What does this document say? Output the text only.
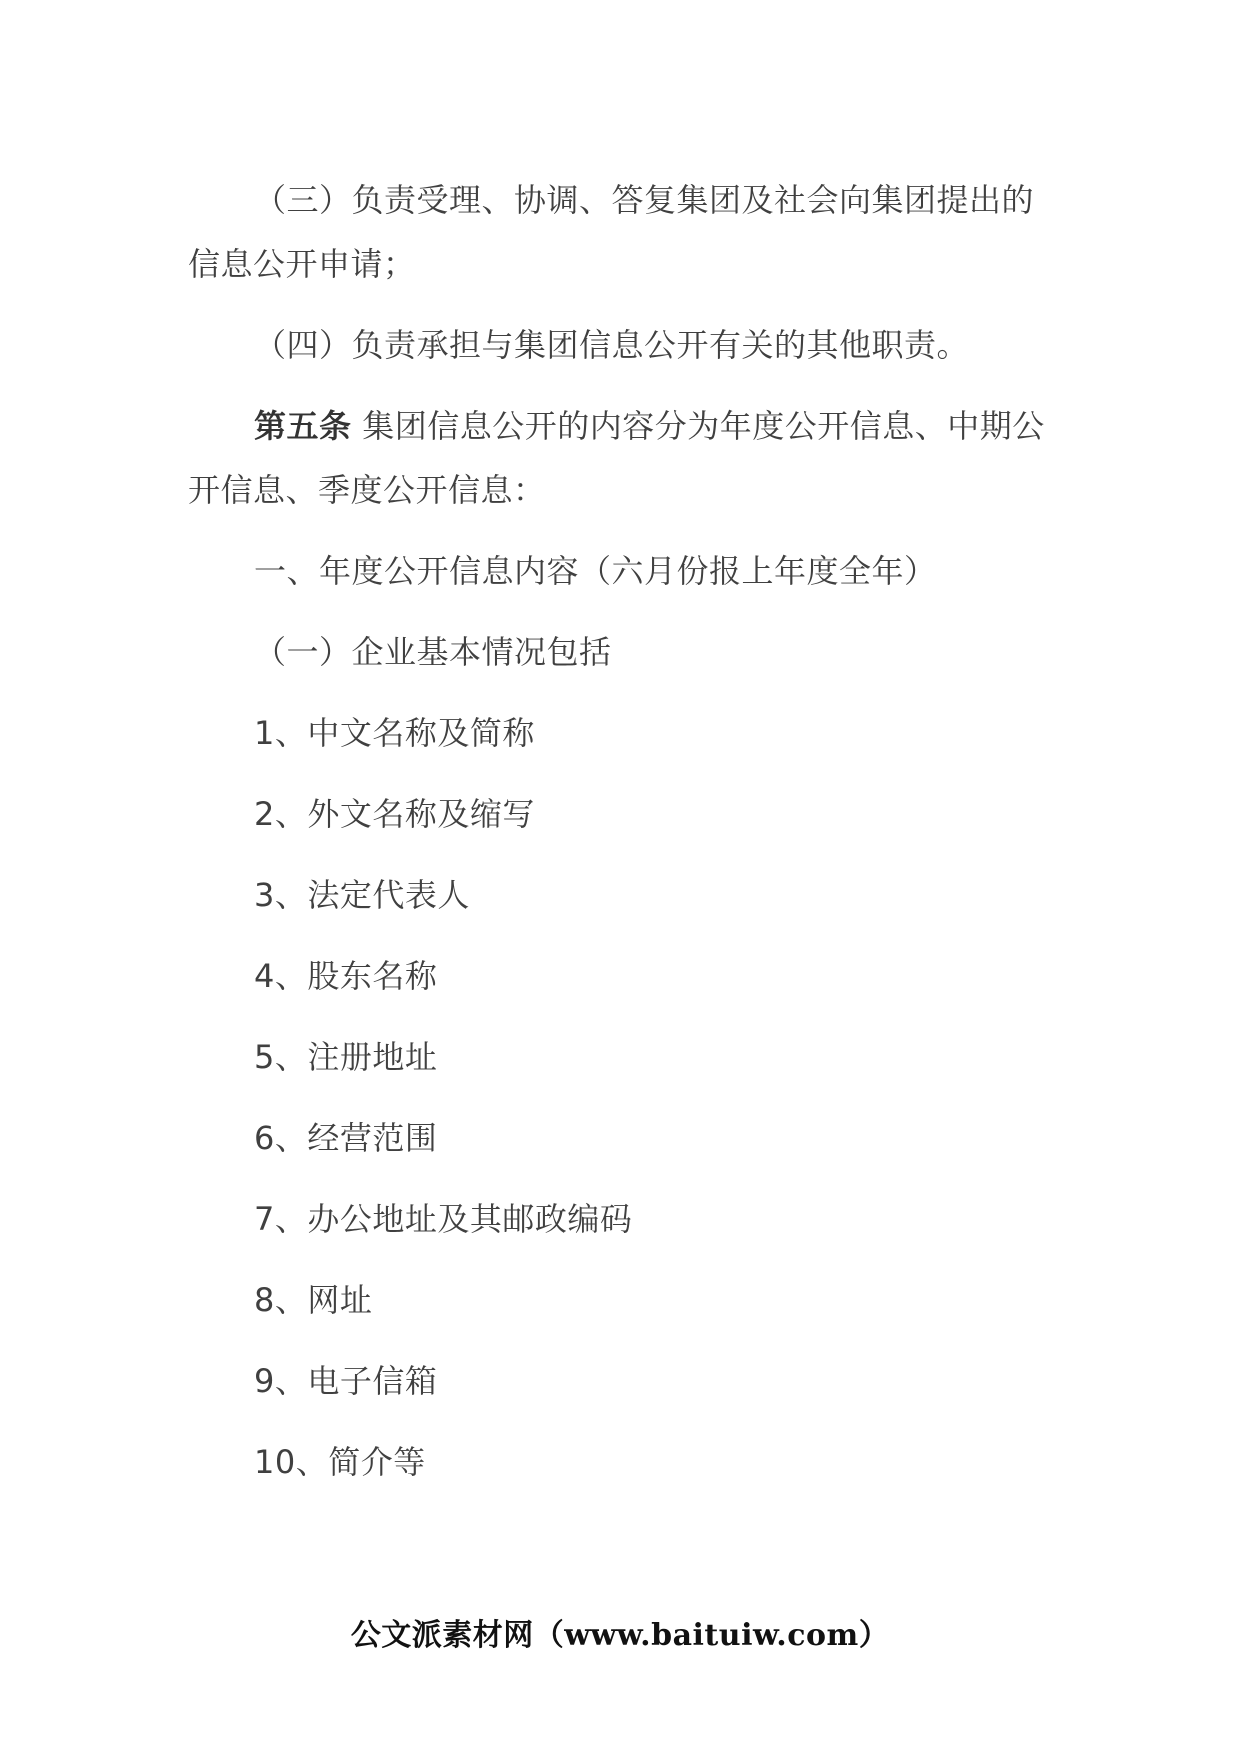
（三）负责受理、协调、答复集团及社会向集团提出的信息公开申请；

（四）负责承担与集团信息公开有关的其他职责。

第五条 集团信息公开的内容分为年度公开信息、中期公开信息、季度公开信息：

一、年度公开信息内容（六月份报上年度全年）

（一）企业基本情况包括

1、中文名称及简称

2、外文名称及缩写

3、法定代表人

4、股东名称

5、注册地址

6、经营范围

7、办公地址及其邮政编码

8、网址

9、电子信箱

10、简介等

公文派素材网（www.baituiw.com）
